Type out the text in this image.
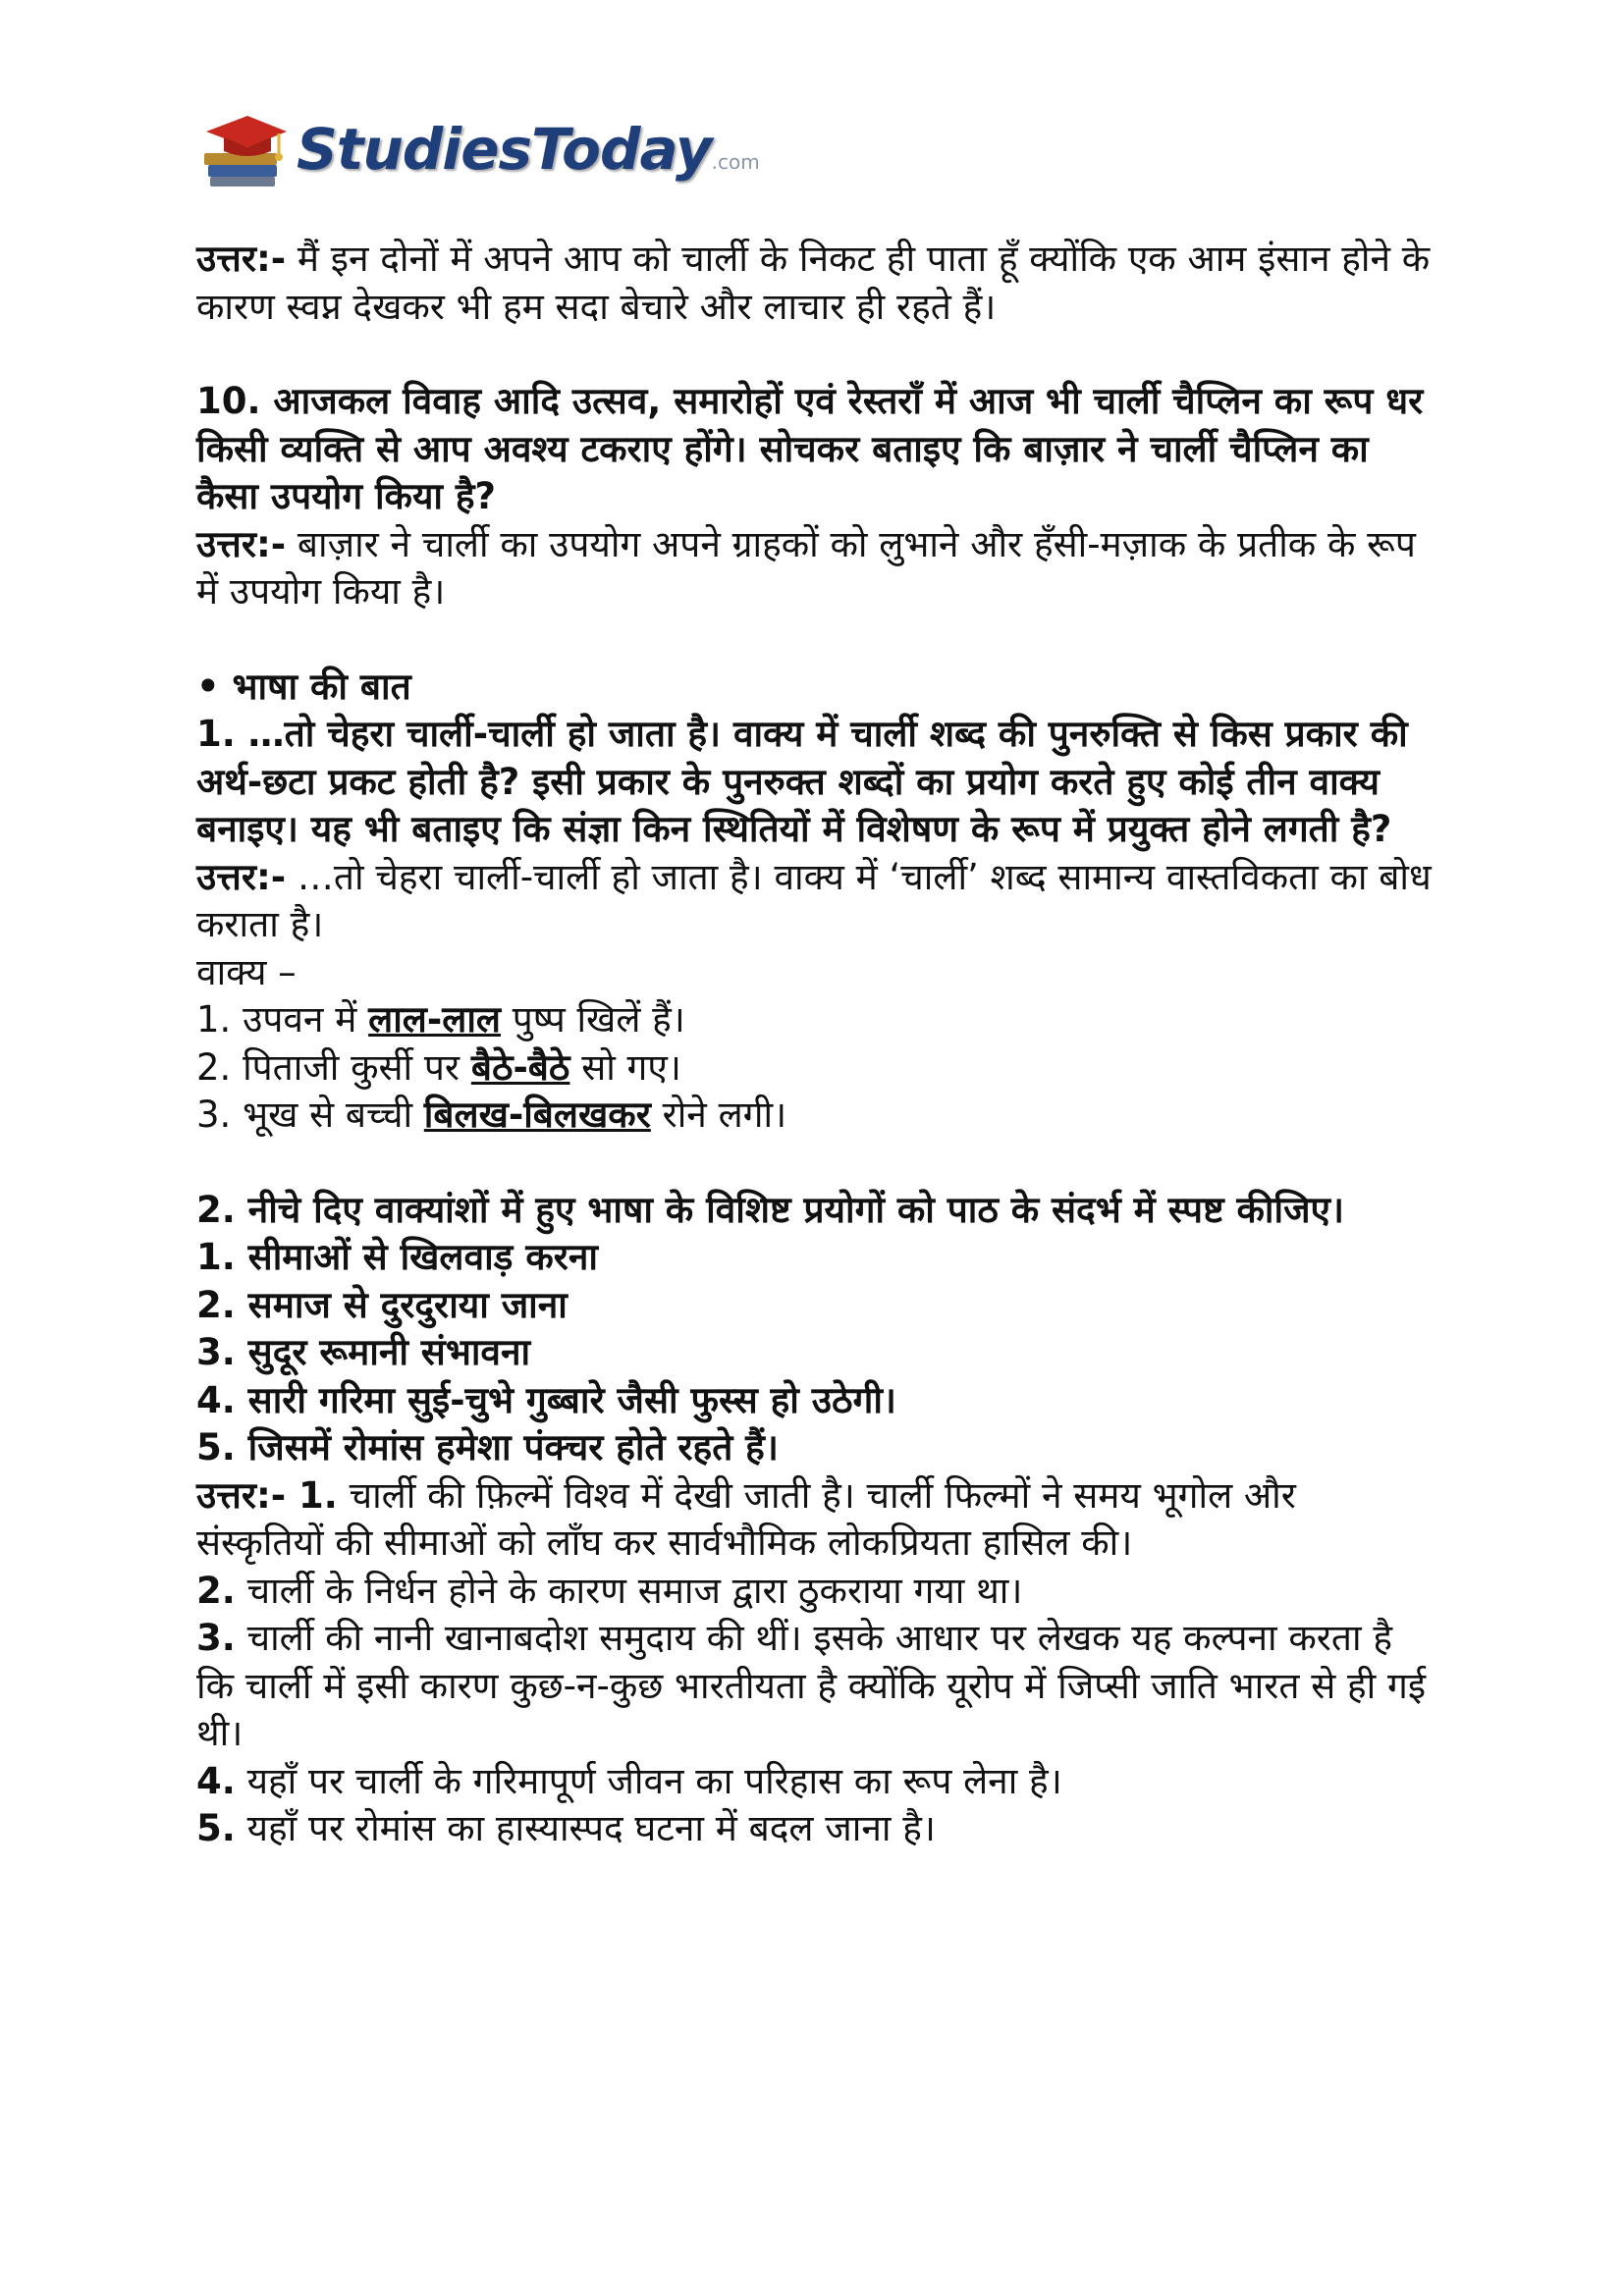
StudiesToday.com

उत्तर:- मैं इन दोनों में अपने आप को चार्ली के निकट ही पाता हूँ क्योंकि एक आम इंसान होने के कारण स्वप्न देखकर भी हम सदा बेचारे और लाचार ही रहते हैं।

10. आजकल विवाह आदि उत्सव, समारोहों एवं रेस्तराँ में आज भी चार्ली चैप्लिन का रूप धर किसी व्यक्ति से आप अवश्य टकराए होंगे। सोचकर बताइए कि बाज़ार ने चार्ली चैप्लिन का कैसा उपयोग किया है?

उत्तर:- बाज़ार ने चार्ली का उपयोग अपने ग्राहकों को लुभाने और हँसी-मज़ाक के प्रतीक के रूप में उपयोग किया है।

• भाषा की बात

1. …तो चेहरा चार्ली-चार्ली हो जाता है। वाक्य में चार्ली शब्द की पुनरुक्ति से किस प्रकार की अर्थ-छटा प्रकट होती है? इसी प्रकार के पुनरुक्त शब्दों का प्रयोग करते हुए कोई तीन वाक्य बनाइए। यह भी बताइए कि संज्ञा किन स्थितियों में विशेषण के रूप में प्रयुक्त होने लगती है?

उत्तर:- …तो चेहरा चार्ली-चार्ली हो जाता है। वाक्य में ‘चार्ली’ शब्द सामान्य वास्तविकता का बोध कराता है।

वाक्य –

1. उपवन में लाल-लाल पुष्प खिलें हैं।

2. पिताजी कुर्सी पर बैठे-बैठे सो गए।

3. भूख से बच्ची बिलख-बिलखकर रोने लगी।

2. नीचे दिए वाक्यांशों में हुए भाषा के विशिष्ट प्रयोगों को पाठ के संदर्भ में स्पष्ट कीजिए।

1. सीमाओं से खिलवाड़ करना

2. समाज से दुरदुराया जाना

3. सुदूर रूमानी संभावना

4. सारी गरिमा सुई-चुभे गुब्बारे जैसी फुस्स हो उठेगी।

5. जिसमें रोमांस हमेशा पंक्चर होते रहते हैं।

उत्तर:- 1. चार्ली की फ़िल्में विश्व में देखी जाती है। चार्ली फिल्मों ने समय भूगोल और संस्कृतियों की सीमाओं को लाँघ कर सार्वभौमिक लोकप्रियता हासिल की।

2. चार्ली के निर्धन होने के कारण समाज द्वारा ठुकराया गया था।

3. चार्ली की नानी खानाबदोश समुदाय की थीं। इसके आधार पर लेखक यह कल्पना करता है कि चार्ली में इसी कारण कुछ-न-कुछ भारतीयता है क्योंकि यूरोप में जिप्सी जाति भारत से ही गई थी।

4. यहाँ पर चार्ली के गरिमापूर्ण जीवन का परिहास का रूप लेना है।

5. यहाँ पर रोमांस का हास्यास्पद घटना में बदल जाना है।
